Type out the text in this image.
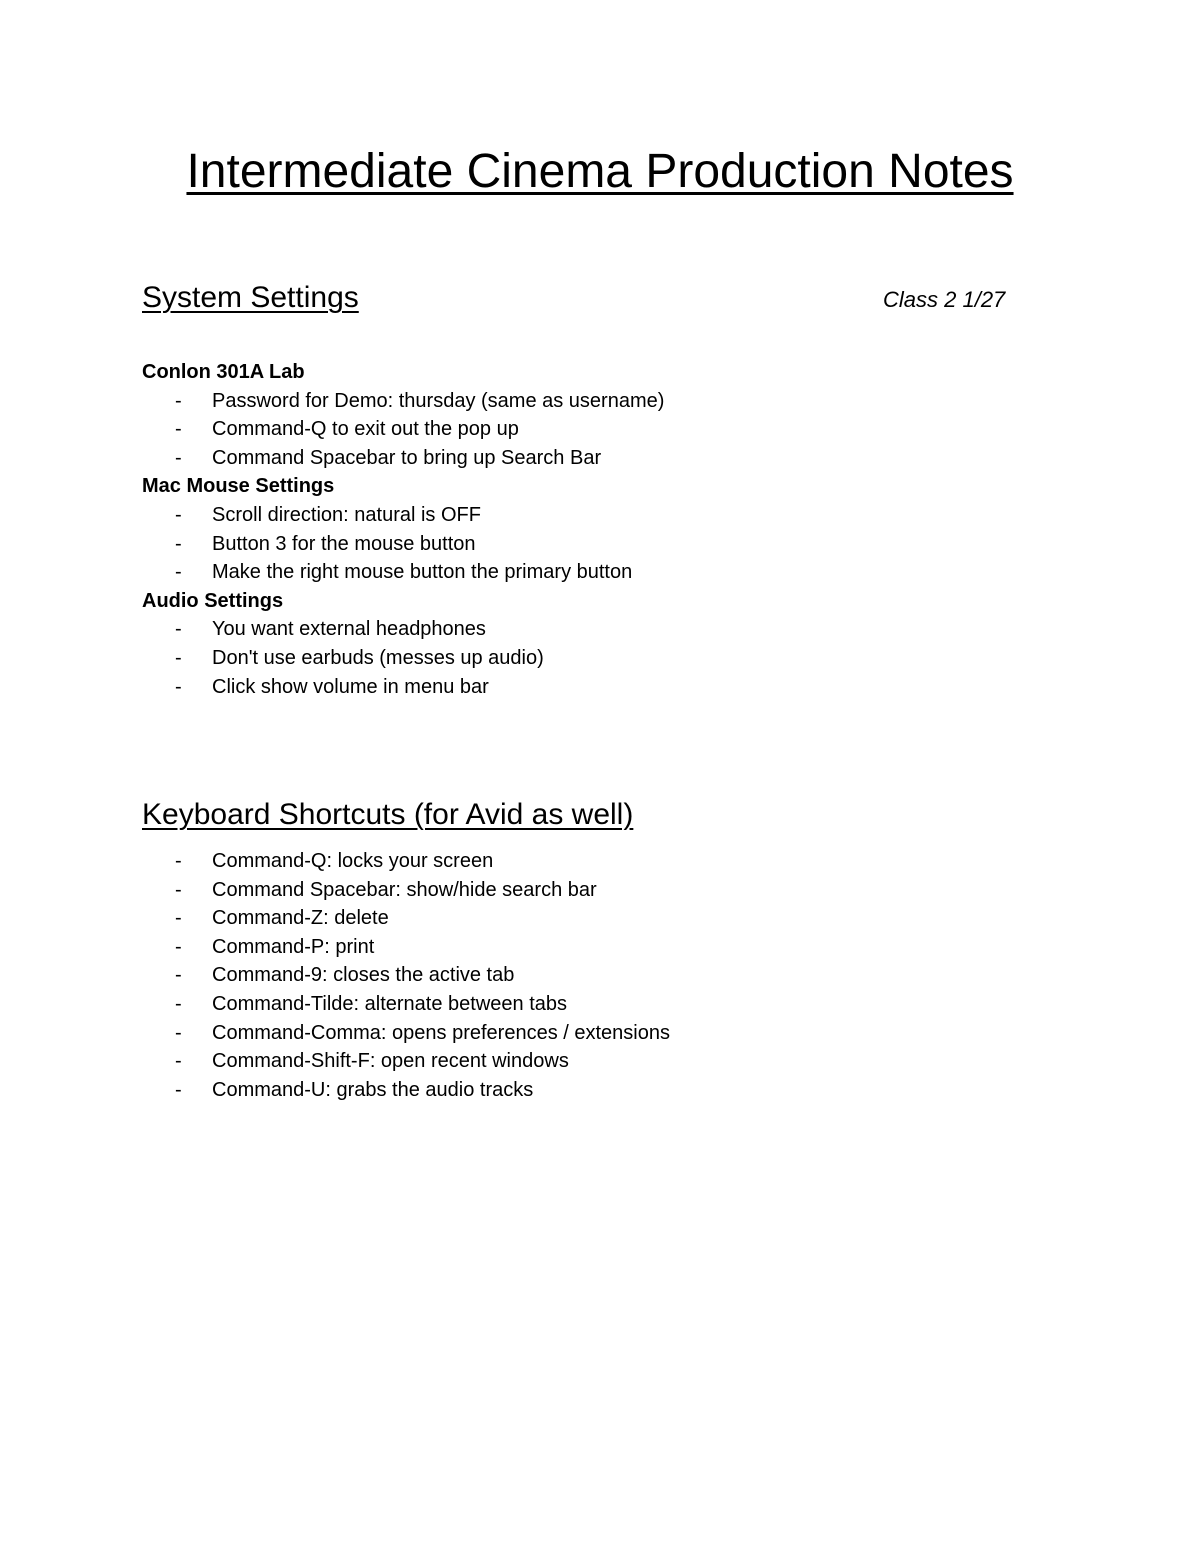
Intermediate Cinema Production Notes
System Settings	Class 2 1/27
Conlon 301A Lab
- Password for Demo: thursday (same as username)
- Command-Q to exit out the pop up
- Command Spacebar to bring up Search Bar
Mac Mouse Settings
- Scroll direction: natural is OFF
- Button 3 for the mouse button
- Make the right mouse button the primary button
Audio Settings
- You want external headphones
- Don't use earbuds (messes up audio)
- Click show volume in menu bar
Keyboard Shortcuts (for Avid as well)
- Command-Q: locks your screen
- Command Spacebar: show/hide search bar
- Command-Z: delete
- Command-P: print
- Command-9: closes the active tab
- Command-Tilde: alternate between tabs
- Command-Comma: opens preferences / extensions
- Command-Shift-F: open recent windows
- Command-U: grabs the audio tracks
